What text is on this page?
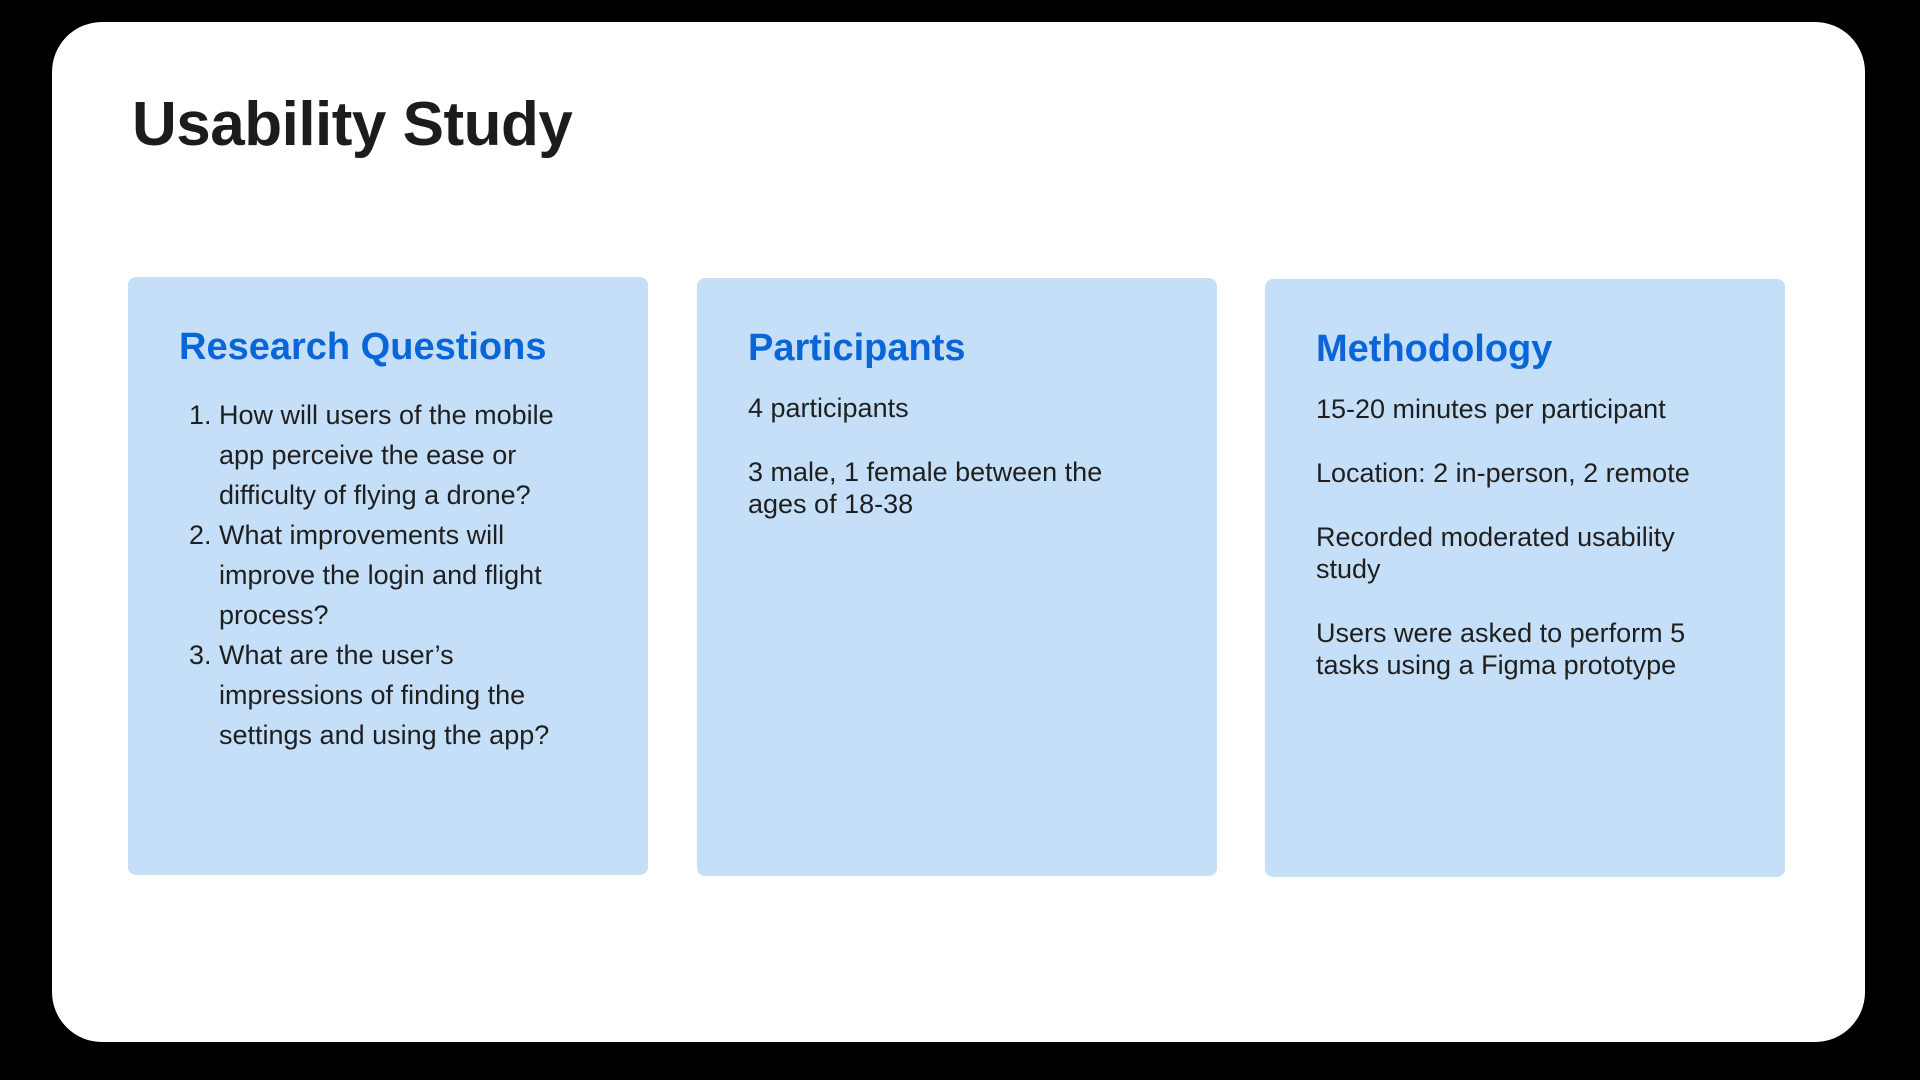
Usability Study
Research Questions
1. How will users of the mobile app perceive the ease or difficulty of flying a drone?
2. What improvements will improve the login and flight process?
3. What are the user’s impressions of finding the settings and using the app?
Participants

4 participants

3 male, 1 female between the ages of 18-38

Methodology

15-20 minutes per participant

Location: 2 in-person, 2 remote

Recorded moderated usability study

Users were asked to perform 5 tasks using a Figma prototype
